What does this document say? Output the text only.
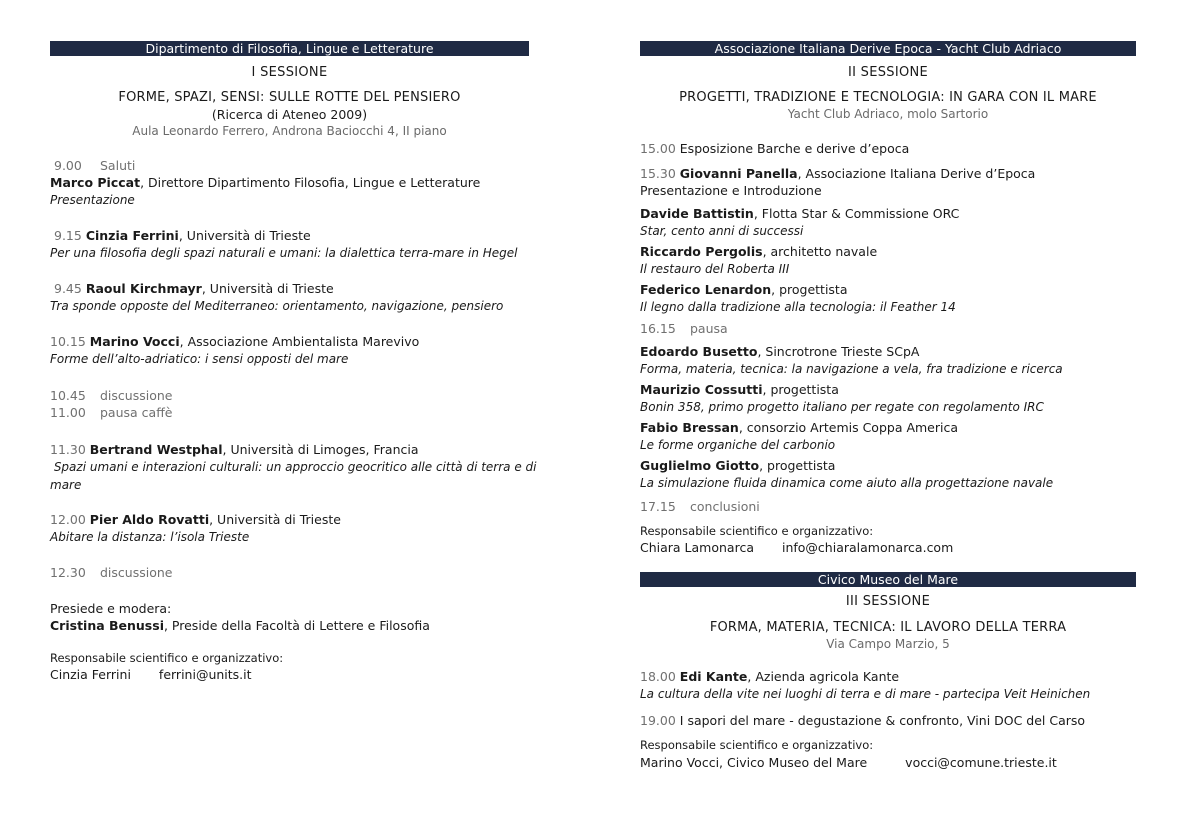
Dipartimento di Filosofia, Lingue e Letterature
I SESSIONE
FORME, SPAZI, SENSI: SULLE ROTTE DEL PENSIERO
(Ricerca di Ateneo 2009)
Aula Leonardo Ferrero, Androna Baciocchi 4, II piano
9.00 Saluti
Marco Piccat, Direttore Dipartimento Filosofia, Lingue e Letterature
Presentazione
9.15 Cinzia Ferrini, Università di Trieste
Per una filosofia degli spazi naturali e umani: la dialettica terra-mare in Hegel
9.45 Raoul Kirchmayr, Università di Trieste
Tra sponde opposte del Mediterraneo: orientamento, navigazione, pensiero
10.15 Marino Vocci, Associazione Ambientalista Marevivo
Forme dell’alto-adriatico: i sensi opposti del mare
10.45 discussione
11.00 pausa caffè
11.30 Bertrand Westphal, Università di Limoges, Francia
Spazi umani e interazioni culturali: un approccio geocritico alle città di terra e di
mare
12.00 Pier Aldo Rovatti, Università di Trieste
Abitare la distanza: l’isola Trieste
12.30 discussione
Presiede e modera:
Cristina Benussi, Preside della Facoltà di Lettere e Filosofia
Responsabile scientifico e organizzativo:
Cinzia Ferrini ferrini@units.it
Associazione Italiana Derive Epoca - Yacht Club Adriaco
II SESSIONE
PROGETTI, TRADIZIONE E TECNOLOGIA: IN GARA CON IL MARE
Yacht Club Adriaco, molo Sartorio
15.00 Esposizione Barche e derive d’epoca
15.30 Giovanni Panella, Associazione Italiana Derive d’Epoca
Presentazione e Introduzione
Davide Battistin, Flotta Star & Commissione ORC
Star, cento anni di successi
Riccardo Pergolis, architetto navale
Il restauro del Roberta III
Federico Lenardon, progettista
Il legno dalla tradizione alla tecnologia: il Feather 14
16.15 pausa
Edoardo Busetto, Sincrotrone Trieste SCpA
Forma, materia, tecnica: la navigazione a vela, fra tradizione e ricerca
Maurizio Cossutti, progettista
Bonin 358, primo progetto italiano per regate con regolamento IRC
Fabio Bressan, consorzio Artemis Coppa America
Le forme organiche del carbonio
Guglielmo Giotto, progettista
La simulazione fluida dinamica come aiuto alla progettazione navale
17.15 conclusioni
Responsabile scientifico e organizzativo:
Chiara Lamonarca info@chiaralamonarca.com
Civico Museo del Mare
III SESSIONE
FORMA, MATERIA, TECNICA: IL LAVORO DELLA TERRA
Via Campo Marzio, 5
18.00 Edi Kante, Azienda agricola Kante
La cultura della vite nei luoghi di terra e di mare - partecipa Veit Heinichen
19.00 I sapori del mare - degustazione & confronto, Vini DOC del Carso
Responsabile scientifico e organizzativo:
Marino Vocci, Civico Museo del Mare	vocci@comune.trieste.it
